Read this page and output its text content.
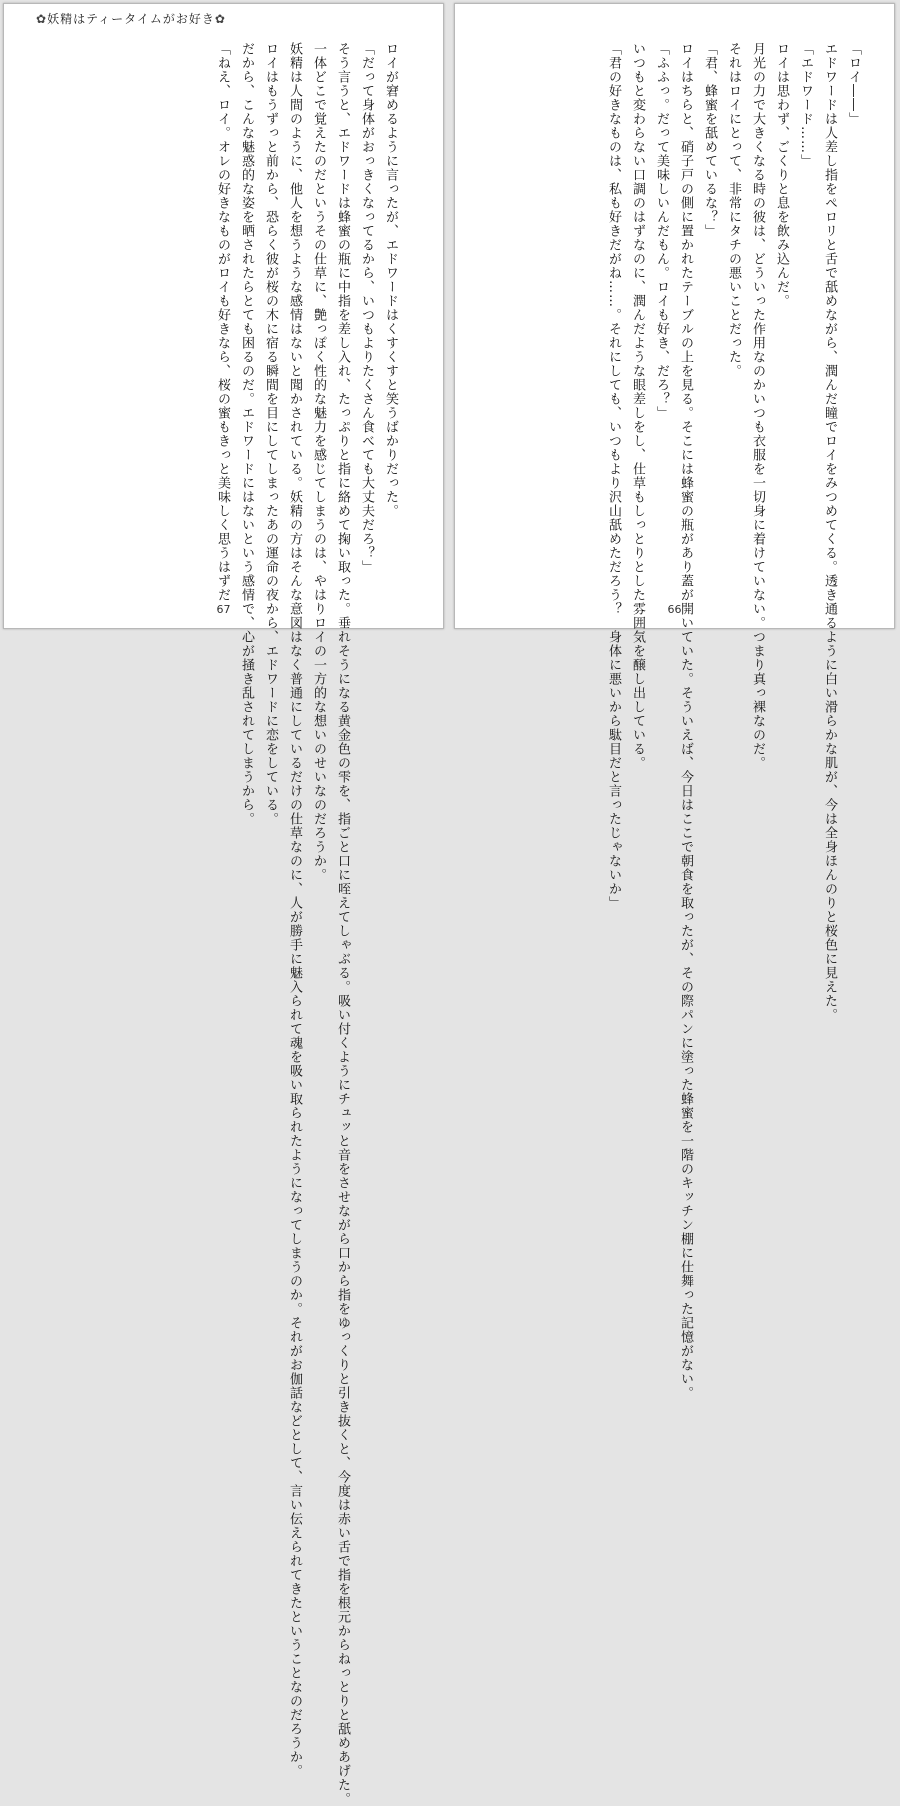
✿妖精はティータイムがお好き✿
ロイが窘めるように言ったが、エドワードはくすくすと笑うばかりだった。
「だって身体がおっきくなってるから、いつもよりたくさん食べても大丈夫だろ？」
そう言うと、エドワードは蜂蜜の瓶に中指を差し入れ、たっぷりと指に絡めて掬い取った。垂れそうになる黄金色の雫を、指ごと口に咥えてしゃぶる。吸い付くようにチュッと音をさせながら口から指をゆっくりと引き抜くと、今度は赤い舌で指を根元からねっとりと舐めあげた。
一体どこで覚えたのだというその仕草に、艶っぽく性的な魅力を感じてしまうのは、やはりロイの一方的な想いのせいなのだろうか。
妖精は人間のように、他人を想うような感情はないと聞かされている。妖精の方はそんな意図はなく普通にしているだけの仕草なのに、人が勝手に魅入られて魂を吸い取られたようになってしまうのか。それがお伽話などとして、言い伝えられてきたということなのだろうか。
ロイはもうずっと前から、恐らく彼が桜の木に宿る瞬間を目にしてしまったあの運命の夜から、エドワードに恋をしている。
だから、こんな魅惑的な姿を晒されたらとても困るのだ。エドワードにはないという感情で、心が掻き乱されてしまうから。
「ねえ、ロイ。オレの好きなものがロイも好きなら、桜の蜜もきっと美味しく思うはずだ
67
「ロイ――」
エドワードは人差し指をペロリと舌で舐めながら、潤んだ瞳でロイをみつめてくる。透き通るように白い滑らかな肌が、今は全身ほんのりと桜色に見えた。
「エドワード……」
ロイは思わず、ごくりと息を飲み込んだ。
月光の力で大きくなる時の彼は、どういった作用なのかいつも衣服を一切身に着けていない。つまり真っ裸なのだ。
それはロイにとって、非常にタチの悪いことだった。
「君、蜂蜜を舐めているな？」
ロイはちらと、硝子戸の側に置かれたテーブルの上を見る。そこには蜂蜜の瓶があり蓋が開いていた。そういえば、今日はここで朝食を取ったが、その際パンに塗った蜂蜜を一階のキッチン棚に仕舞った記憶がない。
「ふふっ。だって美味しいんだもん。ロイも好き、だろ？」
いつもと変わらない口調のはずなのに、潤んだような眼差しをし、仕草もしっとりとした雰囲気を醸し出している。
「君の好きなものは、私も好きだがね……。それにしても、いつもより沢山舐めただろう？　身体に悪いから駄目だと言ったじゃないか」	66
